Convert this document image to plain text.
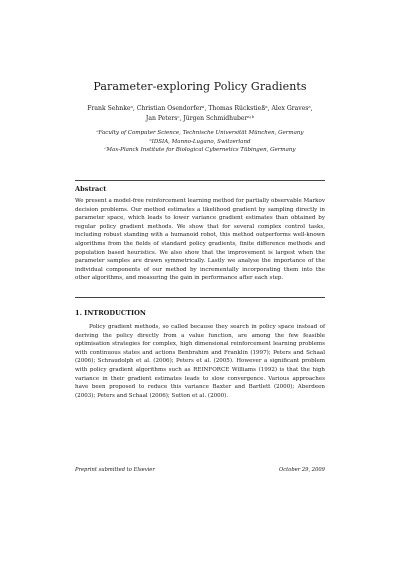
Parameter-exploring Policy Gradients
Frank Sehnkeᵃ, Christian Osendorferᵃ, Thomas Rückstießᵃ, Alex Gravesᵃ,
Jan Petersᶜ, Jürgen Schmidhuberᵃ˒ᵇ
ᵃFaculty of Computer Science, Technische Universität München, Germany
ᵇIDSIA, Manno-Lugano, Switzerland
ᶜMax-Planck Institute for Biological Cybernetics Tübingen, Germany
Abstract
We present a model-free reinforcement learning method for partially observable Markov decision problems. Our method estimates a likelihood gradient by sampling directly in parameter space, which leads to lower variance gradient estimates than obtained by regular policy gradient methods. We show that for several complex control tasks, including robust standing with a humanoid robot, this method outperforms well-known algorithms from the fields of standard policy gradients, finite difference methods and population based heuristics. We also show that the improvement is largest when the parameter samples are drawn symmetrically. Lastly we analyse the importance of the individual components of our method by incrementally incorporating them into the other algorithms, and measuring the gain in performance after each step.
1. INTRODUCTION
Policy gradient methods, so called because they search in policy space instead of deriving the policy directly from a value function, are among the few feasible optimisation strategies for complex, high dimensional reinforcement learning problems with continuous states and actions Benbrahim and Franklin (1997); Peters and Schaal (2006); Schraudolph et al. (2006); Peters et al. (2005). However a significant problem with policy gradient algorithms such as REINFORCE Williams (1992) is that the high variance in their gradient estimates leads to slow convergence. Various approaches have been proposed to reduce this variance Baxter and Bartlett (2000); Aberdeen (2003); Peters and Schaal (2006); Sutton et al. (2000).
Preprint submitted to Elsevier	October 29, 2009
